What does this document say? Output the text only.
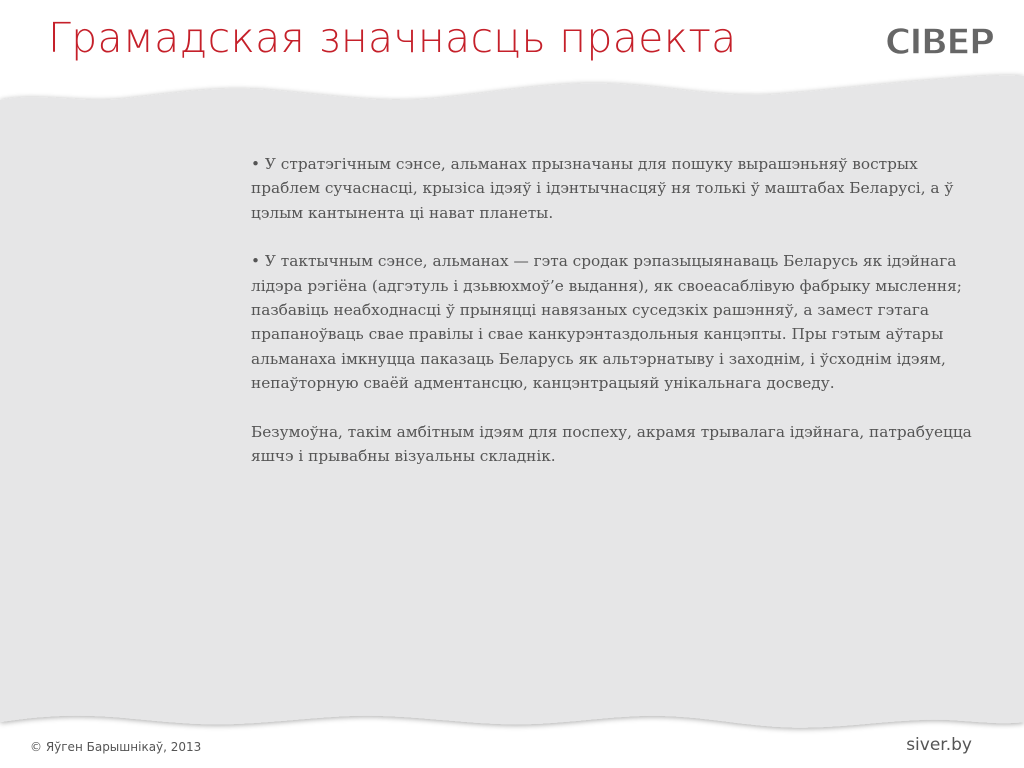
Грамадская значнасць праекта	CIBEP

• У стратэгічным сэнсе, альманах прызначаны для пошуку вырашэньняў вострых праблем сучаснасці, крызіса ідэяў і ідэнтычнасцяў ня толькі ў маштабах Беларусі, а ў цэлым кантынента ці нават планеты.

• У тактычным сэнсе, альманах — гэта сродак рэпазыцыянаваць Беларусь як ідэйнага лідэра рэгіёна (адгэтуль і дзьвюхмоў’е выдання), як своеасаблівую фабрыку мыслення; пазбавіць неабходнасці ў прыняцці навязаных суседзкіх рашэнняў, а замест гэтага прапаноўваць свае правілы і свае канкурэнтаздольныя канцэпты. Пры гэтым аўтары альманаха імкнуцца паказаць Беларусь як альтэрнатыву і заходнім, і ўсходнім ідэям, непаўторную сваёй адментансцю, канцэнтрацыяй унікальнага досведу.

Безумоўна, такім амбітным ідэям для поспеху, акрамя трывалага ідэйнага, патрабуецца яшчэ і прывабны візуальны складнік.

© Яўген Барышнікаў, 2013	siver.by
